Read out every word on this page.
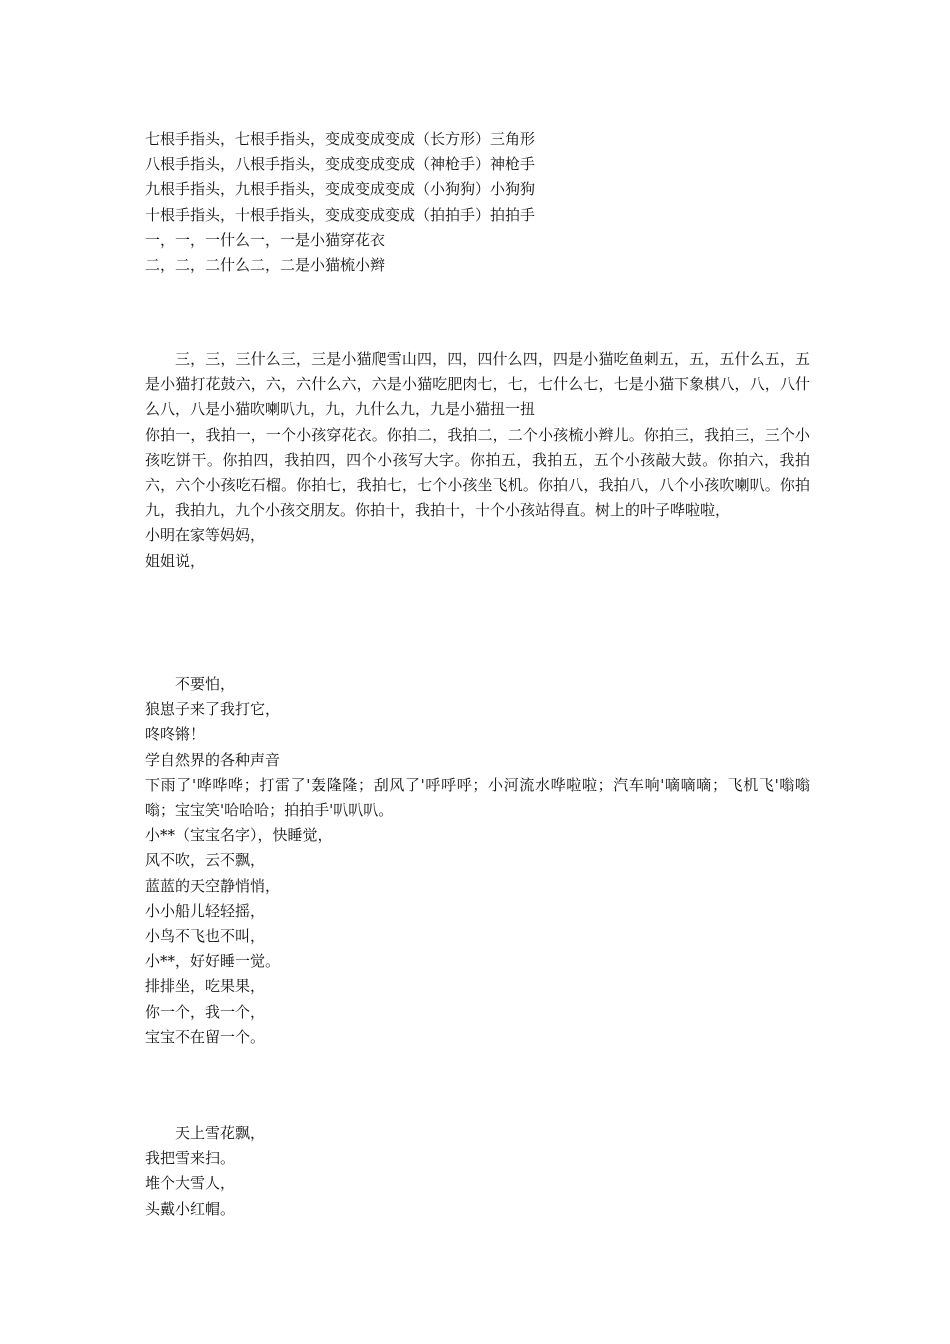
七根手指头，七根手指头，变成变成变成（长方形）三角形
八根手指头，八根手指头，变成变成变成（神枪手）神枪手
九根手指头，九根手指头，变成变成变成（小狗狗）小狗狗
十根手指头，十根手指头，变成变成变成（拍拍手）拍拍手
一，一，一什么一，一是小猫穿花衣
二，二，二什么二，二是小猫梳小辫
三，三，三什么三，三是小猫爬雪山四，四，四什么四，四是小猫吃鱼刺五，五，五什么五，五是小猫打花鼓六，六，六什么六，六是小猫吃肥肉七，七，七什么七，七是小猫下象棋八，八，八什么八，八是小猫吹喇叭九，九，九什么九，九是小猫扭一扭
你拍一，我拍一，一个小孩穿花衣。你拍二，我拍二，二个小孩梳小辫儿。你拍三，我拍三，三个小孩吃饼干。你拍四，我拍四，四个小孩写大字。你拍五，我拍五，五个小孩敲大鼓。你拍六，我拍六，六个小孩吃石榴。你拍七，我拍七，七个小孩坐飞机。你拍八，我拍八，八个小孩吹喇叭。你拍九，我拍九，九个小孩交朋友。你拍十，我拍十，十个小孩站得直。树上的叶子哗啦啦，
小明在家等妈妈，
姐姐说，
不要怕，
狼崽子来了我打它，
咚咚锵！
学自然界的各种声音
下雨了'哗哗哗；打雷了'轰隆隆；刮风了'呼呼呼；小河流水哗啦啦；汽车响'嘀嘀嘀；飞机飞'嗡嗡嗡；宝宝笑'哈哈哈；拍拍手'叭叭叭。
小**（宝宝名字），快睡觉，
风不吹，云不飘，
蓝蓝的天空静悄悄，
小小船儿轻轻摇，
小鸟不飞也不叫，
小**，好好睡一觉。
排排坐，吃果果，
你一个，我一个，
宝宝不在留一个。
天上雪花飘，
我把雪来扫。
堆个大雪人，
头戴小红帽。
